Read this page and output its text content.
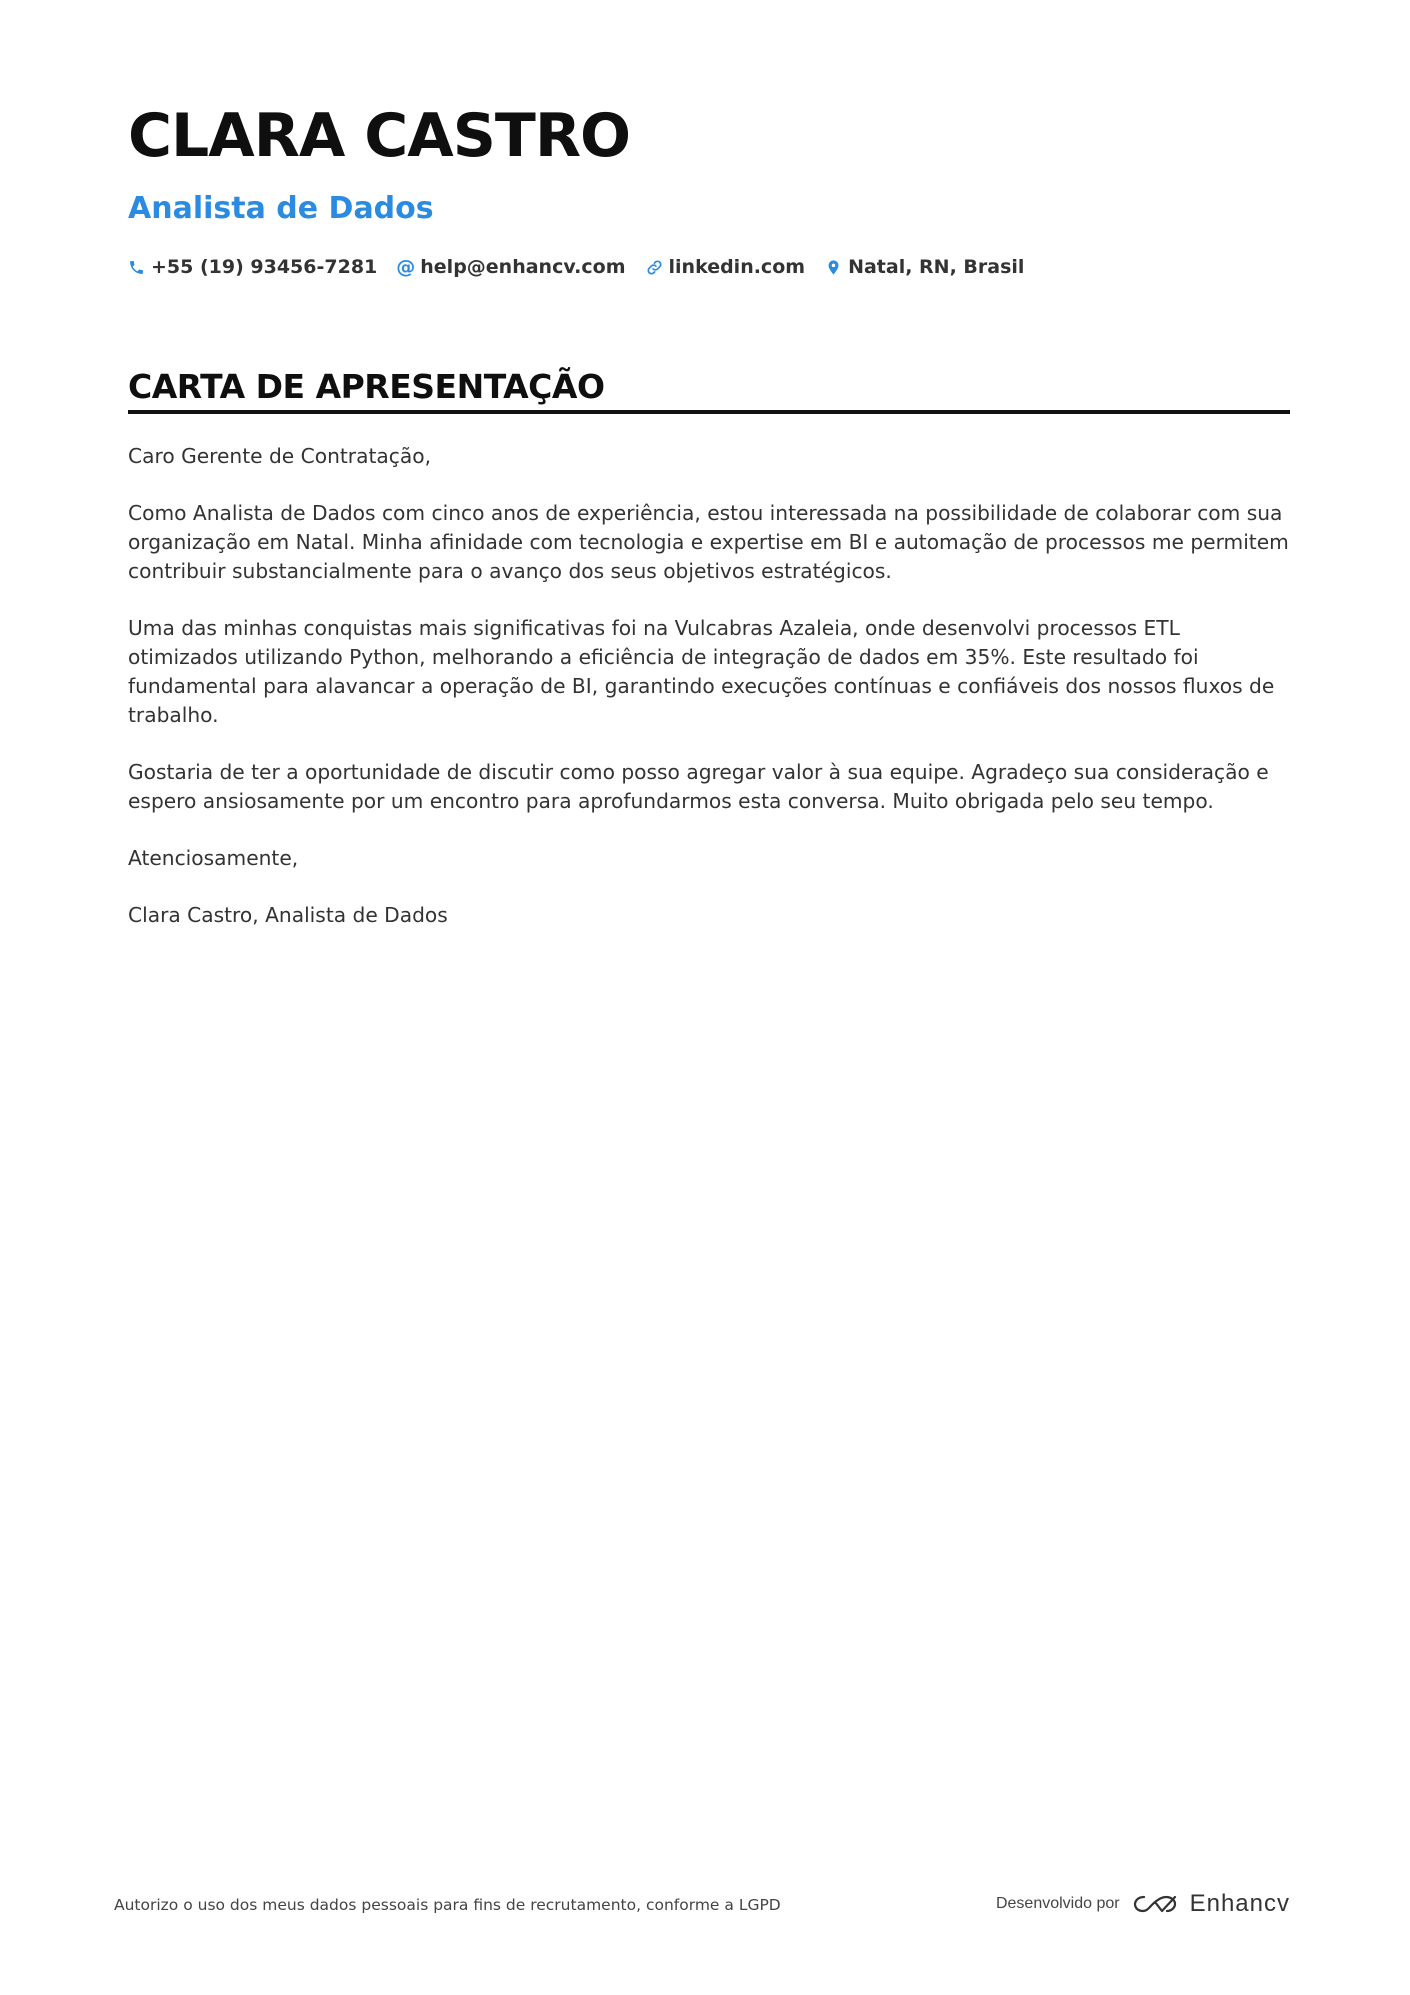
CLARA CASTRO
Analista de Dados
+55 (19) 93456-7281 @ help@enhancv.com linkedin.com Natal, RN, Brasil
CARTA DE APRESENTAÇÃO

Caro Gerente de Contratação,

Como Analista de Dados com cinco anos de experiência, estou interessada na possibilidade de colaborar com sua organização em Natal. Minha afinidade com tecnologia e expertise em BI e automação de processos me permitem contribuir substancialmente para o avanço dos seus objetivos estratégicos.

Uma das minhas conquistas mais significativas foi na Vulcabras Azaleia, onde desenvolvi processos ETL otimizados utilizando Python, melhorando a eficiência de integração de dados em 35%. Este resultado foi fundamental para alavancar a operação de BI, garantindo execuções contínuas e confiáveis dos nossos fluxos de trabalho.

Gostaria de ter a oportunidade de discutir como posso agregar valor à sua equipe. Agradeço sua consideração e espero ansiosamente por um encontro para aprofundarmos esta conversa. Muito obrigada pelo seu tempo.

Atenciosamente,

Clara Castro, Analista de Dados

Autorizo o uso dos meus dados pessoais para fins de recrutamento, conforme a LGPD	Desenvolvido por	Enhancv
